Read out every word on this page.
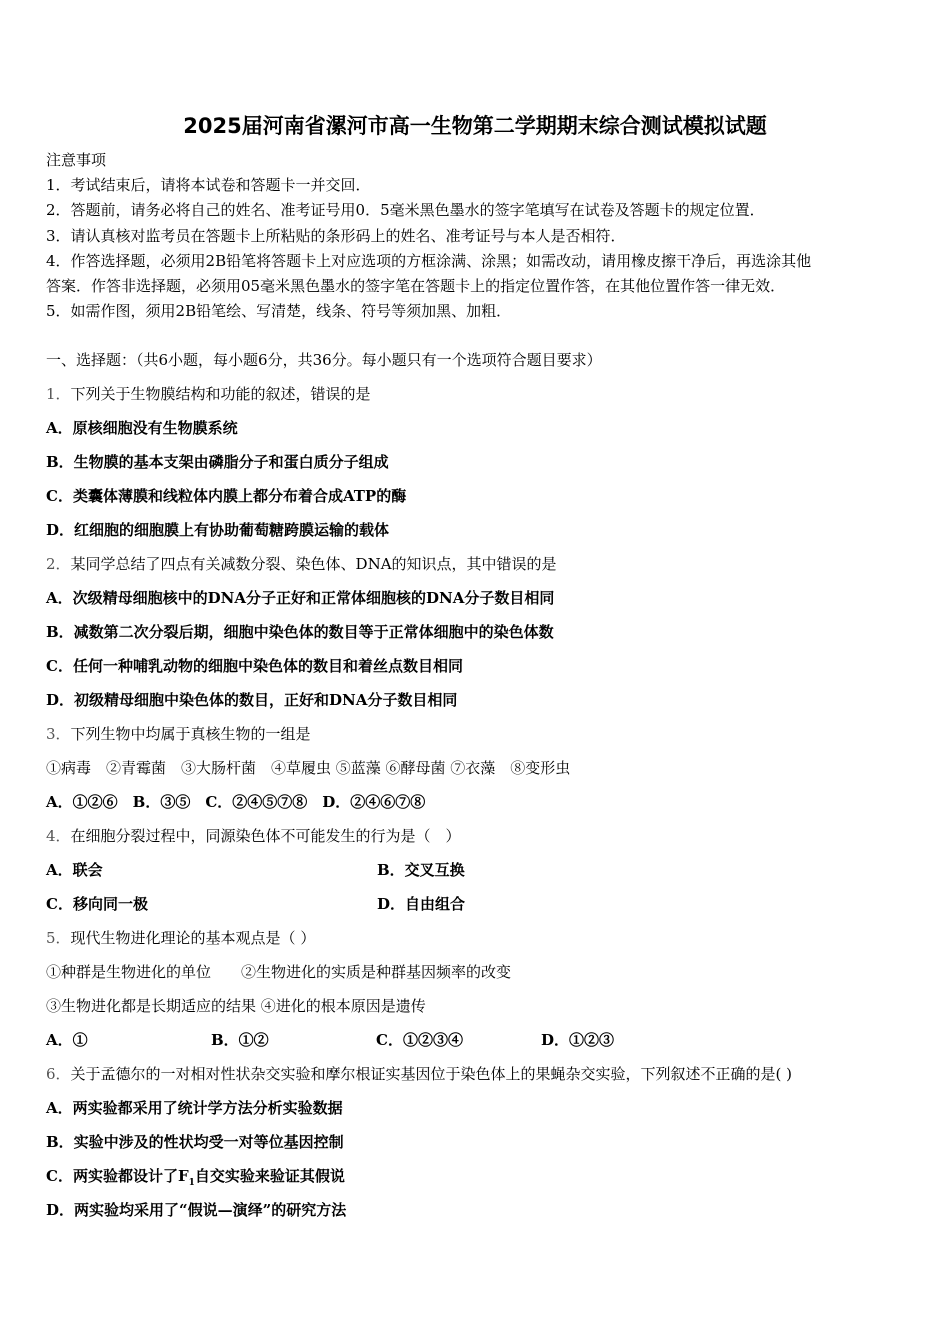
2025届河南省漯河市高一生物第二学期期末综合测试模拟试题
注意事项
1．考试结束后，请将本试卷和答题卡一并交回．
2．答题前，请务必将自己的姓名、准考证号用0．5毫米黑色墨水的签字笔填写在试卷及答题卡的规定位置．
3．请认真核对监考员在答题卡上所粘贴的条形码上的姓名、准考证号与本人是否相符．
4．作答选择题，必须用2B铅笔将答题卡上对应选项的方框涂满、涂黑；如需改动，请用橡皮擦干净后，再选涂其他
答案．作答非选择题，必须用05毫米黑色墨水的签字笔在答题卡上的指定位置作答，在其他位置作答一律无效．
5．如需作图，须用2B铅笔绘、写清楚，线条、符号等须加黑、加粗．
一、选择题：（共6小题，每小题6分，共36分。每小题只有一个选项符合题目要求）
1．下列关于生物膜结构和功能的叙述，错误的是
A．原核细胞没有生物膜系统
B．生物膜的基本支架由磷脂分子和蛋白质分子组成
C．类囊体薄膜和线粒体内膜上都分布着合成ATP的酶
D．红细胞的细胞膜上有协助葡萄糖跨膜运输的载体
2．某同学总结了四点有关减数分裂、染色体、DNA的知识点，其中错误的是
A．次级精母细胞核中的DNA分子正好和正常体细胞核的DNA分子数目相同
B．减数第二次分裂后期，细胞中染色体的数目等于正常体细胞中的染色体数
C．任何一种哺乳动物的细胞中染色体的数目和着丝点数目相同
D．初级精母细胞中染色体的数目，正好和DNA分子数目相同
3．下列生物中均属于真核生物的一组是
①病毒　②青霉菌　③大肠杆菌　④草履虫 ⑤蓝藻 ⑥酵母菌 ⑦衣藻　⑧变形虫
A．①②⑥　B．③⑤　C．②④⑤⑦⑧　D．②④⑥⑦⑧
4．在细胞分裂过程中，同源染色体不可能发生的行为是（　）
A．联会	B．交叉互换
C．移向同一极	D．自由组合
5．现代生物进化理论的基本观点是（ ）
①种群是生物进化的单位　　②生物进化的实质是种群基因频率的改变
③生物进化都是长期适应的结果 ④进化的根本原因是遗传
A．①	B．①②	C．①②③④	D．①②③
6．关于孟德尔的一对相对性状杂交实验和摩尔根证实基因位于染色体上的果蝇杂交实验，下列叙述不正确的是( )
A．两实验都采用了统计学方法分析实验数据
B．实验中涉及的性状均受一对等位基因控制
C．两实验都设计了$F_1$自交实验来验证其假说
D．两实验均采用了“假说—演绎”的研究方法
